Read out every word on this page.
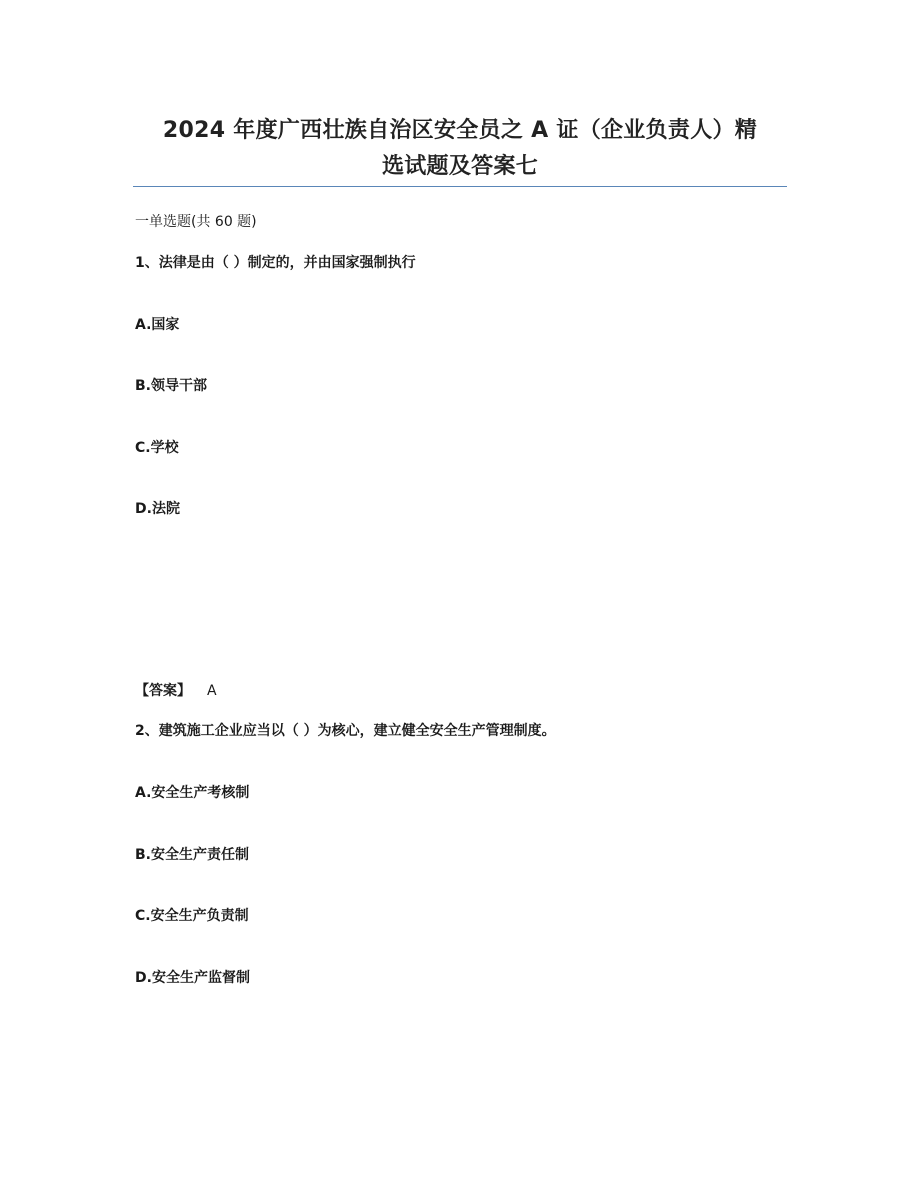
2024 年度广西壮族自治区安全员之 A 证（企业负责人）精
选试题及答案七
一单选题(共 60 题)
1、法律是由（ ）制定的，并由国家强制执行
A.国家
B.领导干部
C.学校
D.法院
【答案】 A
2、建筑施工企业应当以（ ）为核心，建立健全安全生产管理制度。
A.安全生产考核制
B.安全生产责任制
C.安全生产负责制
D.安全生产监督制
